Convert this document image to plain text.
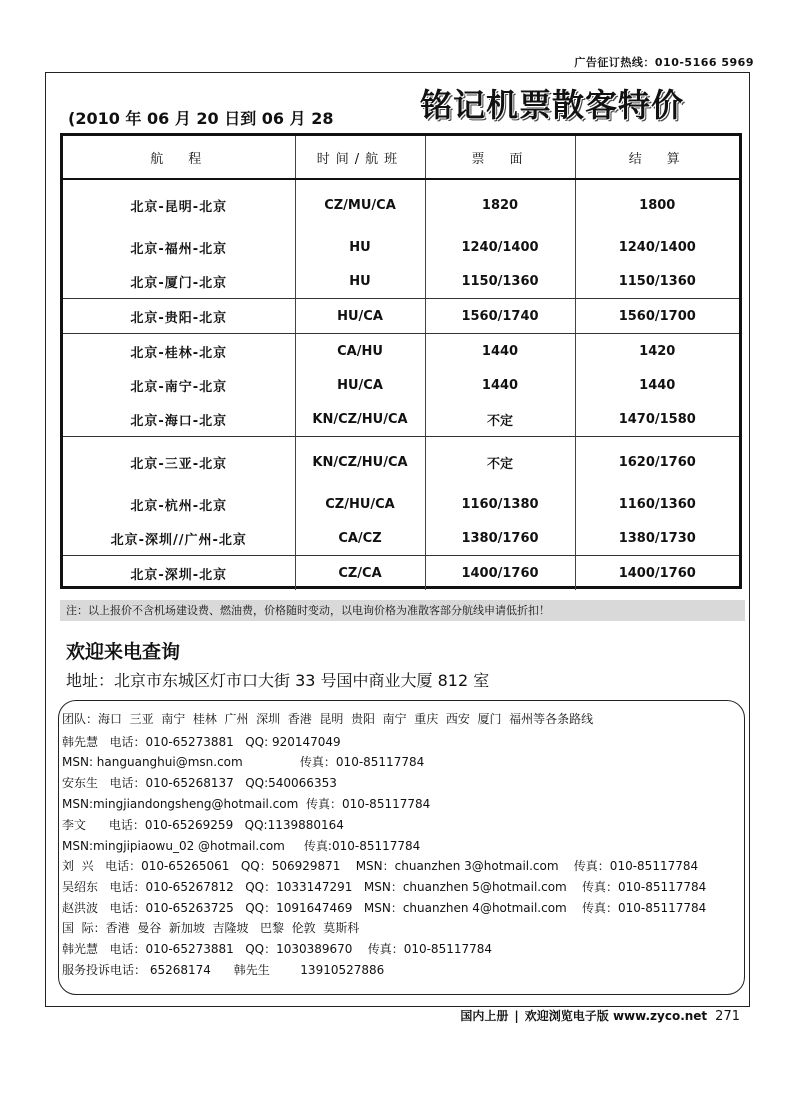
广告征订热线：010-5166 5969
(2010 年 06 月 20 日到 06 月 28	铭记机票散客特价
航　程	时间/航班	票　面	结　算
北京-昆明-北京	CZ/MU/CA	1820	1800
北京-福州-北京	HU	1240/1400	1240/1400
北京-厦门-北京	HU	1150/1360	1150/1360
北京-贵阳-北京	HU/CA	1560/1740	1560/1700
北京-桂林-北京	CA/HU	1440	1420
北京-南宁-北京	HU/CA	1440	1440
北京-海口-北京	KN/CZ/HU/CA	不定	1470/1580
北京-三亚-北京	KN/CZ/HU/CA	不定	1620/1760
北京-杭州-北京	CZ/HU/CA	1160/1380	1160/1360
北京-深圳//广州-北京	CA/CZ	1380/1760	1380/1730
北京-深圳-北京	CZ/CA	1400/1760	1400/1760
注：以上报价不含机场建设费、燃油费，价格随时变动，以电询价格为准散客部分航线申请低折扣！
欢迎来电查询
地址：北京市东城区灯市口大街 33 号国中商业大厦 812 室
团队：海口  三亚  南宁  桂林  广州  深圳  香港  昆明  贵阳  南宁  重庆  西安  厦门  福州等各条路线
韩先慧   电话：010-65273881   QQ: 920147049
MSN: hanguanghui@msn.com               传真：010-85117784
安东生   电话：010-65268137   QQ:540066353
MSN:mingjiandongsheng@hotmail.com  传真：010-85117784
李文      电话：010-65269259   QQ:1139880164
MSN:mingjipiaowu_02 @hotmail.com     传真:010-85117784
刘  兴   电话：010-65265061   QQ：506929871    MSN：chuanzhen 3@hotmail.com    传真：010-85117784
吴绍东   电话：010-65267812   QQ：1033147291   MSN：chuanzhen 5@hotmail.com    传真：010-85117784
赵洪波   电话：010-65263725   QQ：1091647469   MSN：chuanzhen 4@hotmail.com    传真：010-85117784
国  际：香港  曼谷  新加坡  吉隆坡   巴黎  伦敦  莫斯科
韩光慧   电话：010-65273881   QQ：1030389670    传真：010-85117784
服务投诉电话： 65268174      韩先生        13910527886
国内上册 | 欢迎浏览电子版 www.zyco.net 271
